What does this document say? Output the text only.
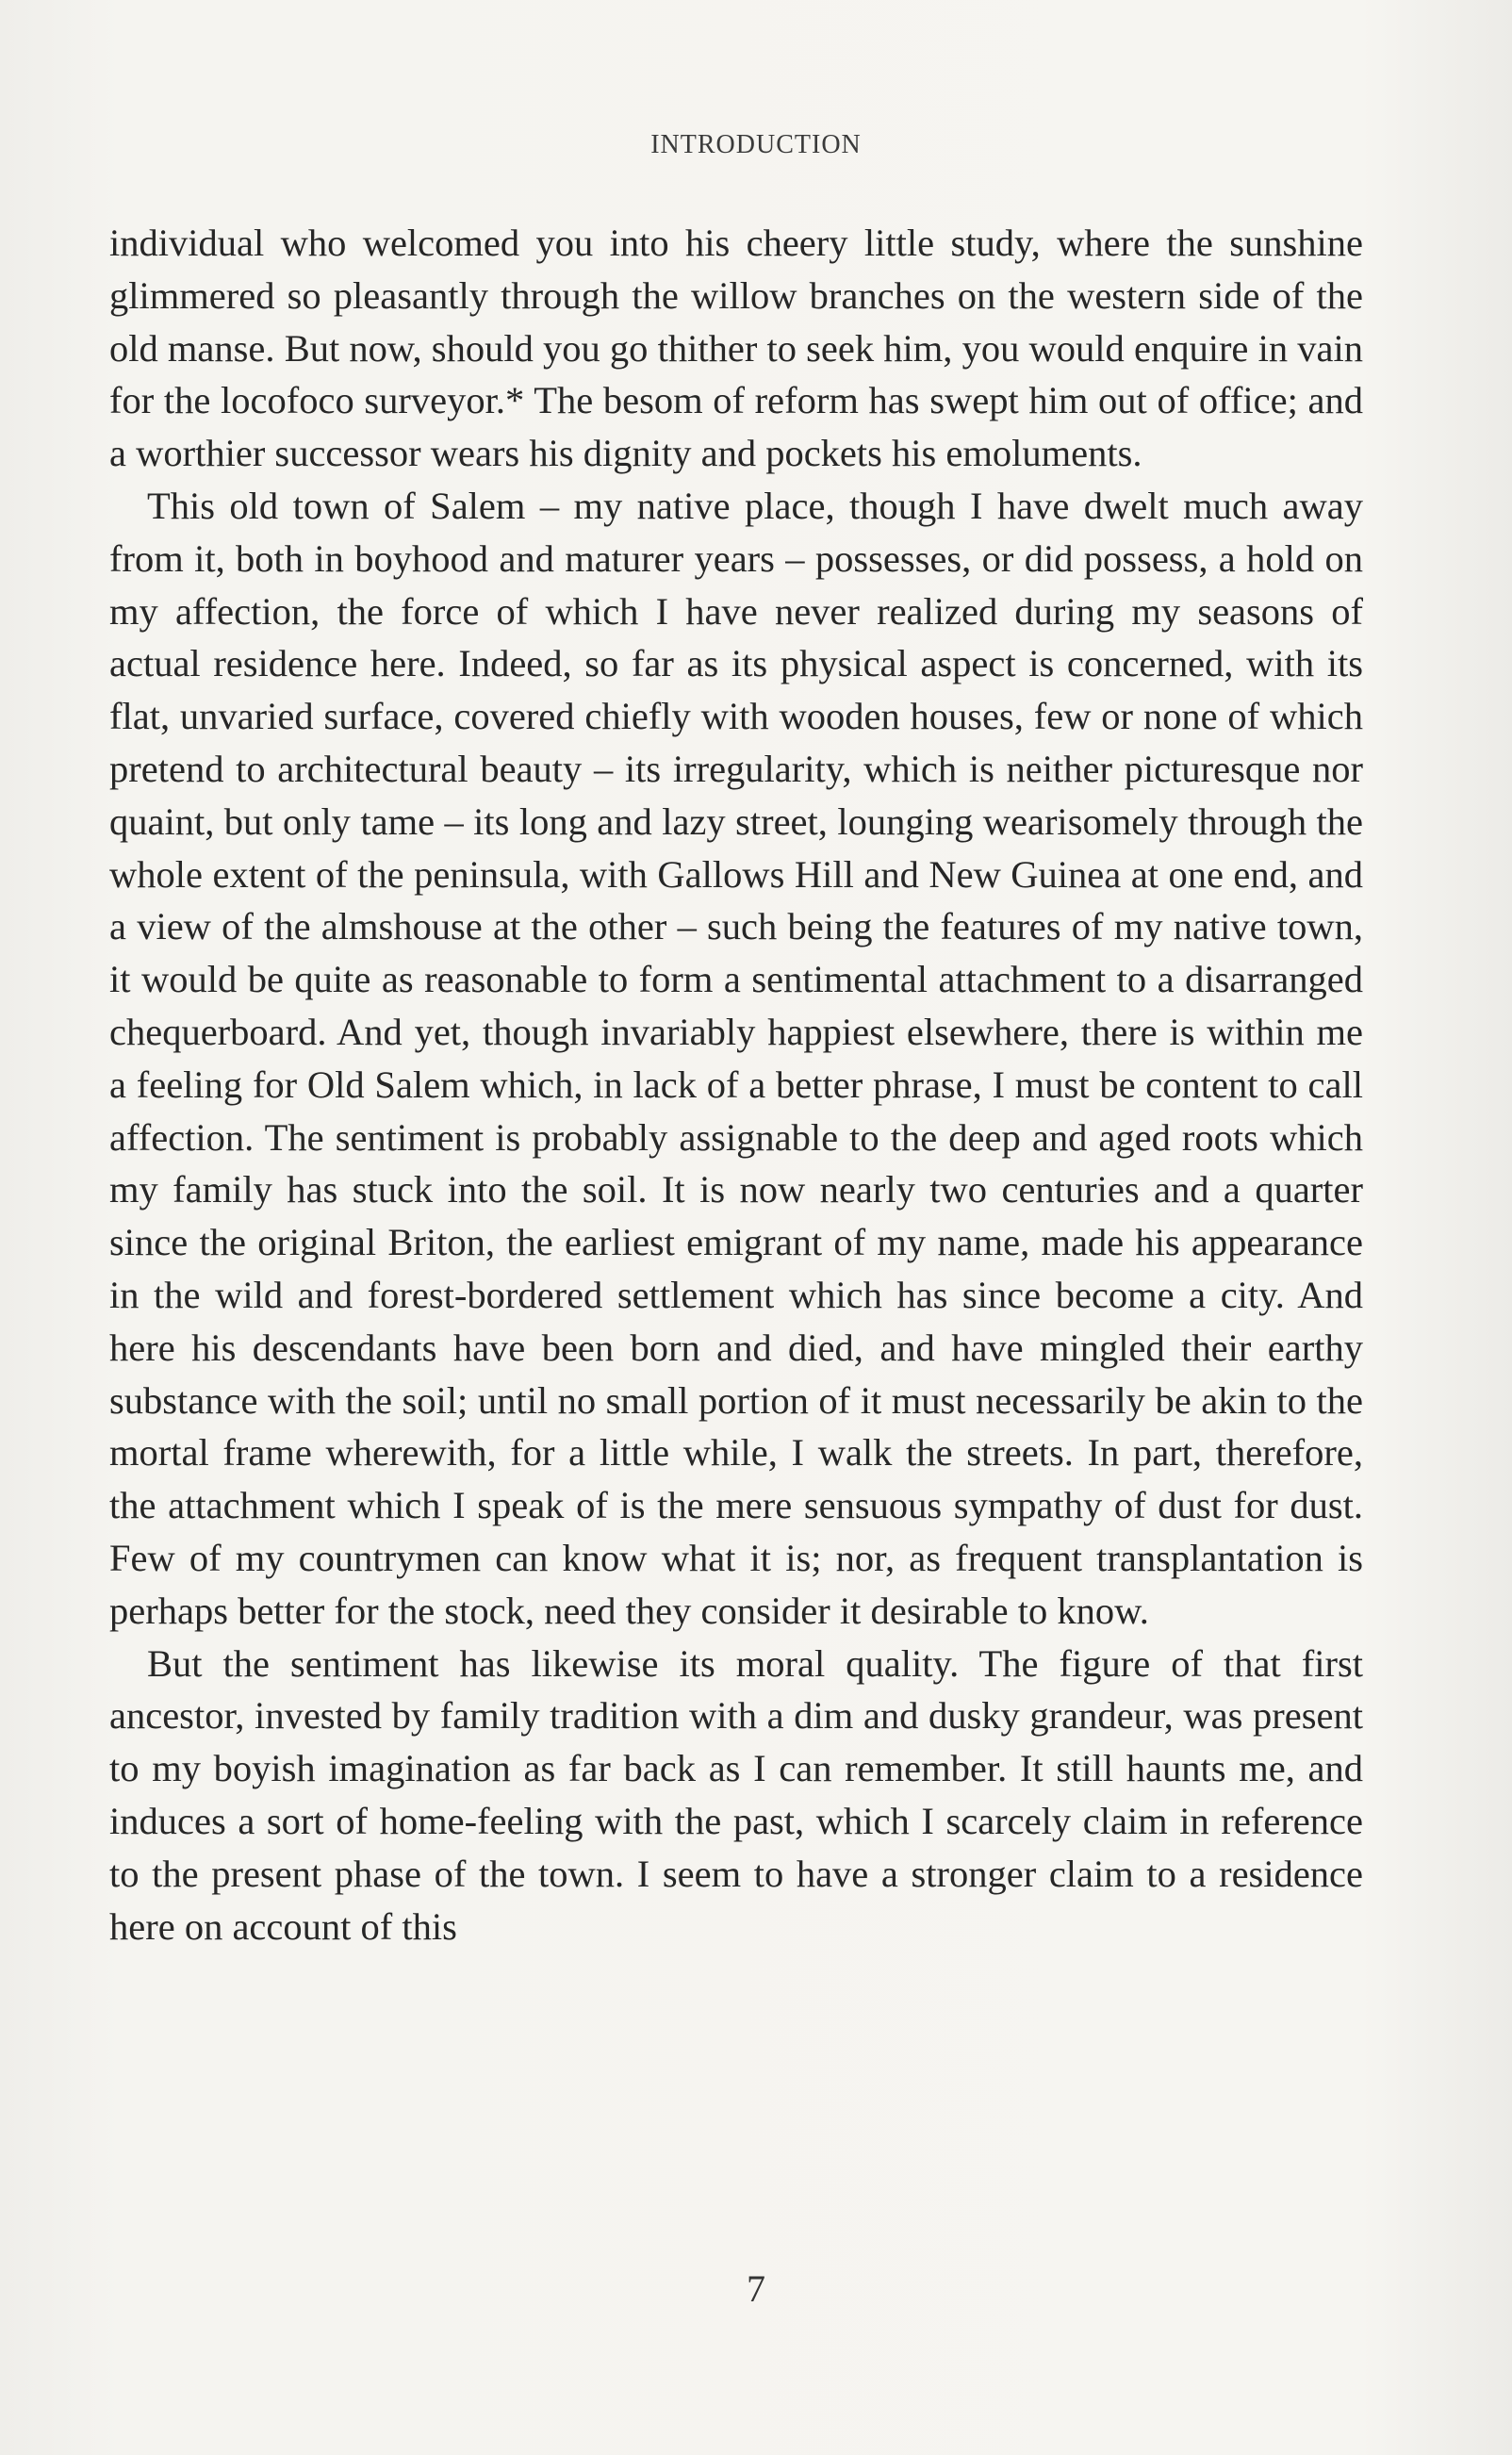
INTRODUCTION

individual who welcomed you into his cheery little study, where the sunshine glimmered so pleasantly through the willow branches on the western side of the old manse. But now, should you go thither to seek him, you would enquire in vain for the locofoco surveyor.* The besom of reform has swept him out of office; and a worthier successor wears his dignity and pockets his emoluments.

This old town of Salem – my native place, though I have dwelt much away from it, both in boyhood and maturer years – possesses, or did possess, a hold on my affection, the force of which I have never realized during my seasons of actual residence here. Indeed, so far as its physical aspect is concerned, with its flat, unvaried surface, covered chiefly with wooden houses, few or none of which pretend to architectural beauty – its irregularity, which is neither picturesque nor quaint, but only tame – its long and lazy street, lounging wearisomely through the whole extent of the peninsula, with Gallows Hill and New Guinea at one end, and a view of the almshouse at the other – such being the features of my native town, it would be quite as reasonable to form a sentimental attachment to a disarranged chequerboard. And yet, though invariably happiest elsewhere, there is within me a feeling for Old Salem which, in lack of a better phrase, I must be content to call affection. The sentiment is probably assignable to the deep and aged roots which my family has stuck into the soil. It is now nearly two centuries and a quarter since the original Briton, the earliest emigrant of my name, made his appearance in the wild and forest-bordered settlement which has since become a city. And here his descendants have been born and died, and have mingled their earthy substance with the soil; until no small portion of it must necessarily be akin to the mortal frame wherewith, for a little while, I walk the streets. In part, therefore, the attachment which I speak of is the mere sensuous sympathy of dust for dust. Few of my countrymen can know what it is; nor, as frequent transplantation is perhaps better for the stock, need they consider it desirable to know.

But the sentiment has likewise its moral quality. The figure of that first ancestor, invested by family tradition with a dim and dusky grandeur, was present to my boyish imagination as far back as I can remember. It still haunts me, and induces a sort of home-feeling with the past, which I scarcely claim in reference to the present phase of the town. I seem to have a stronger claim to a residence here on account of this

7
